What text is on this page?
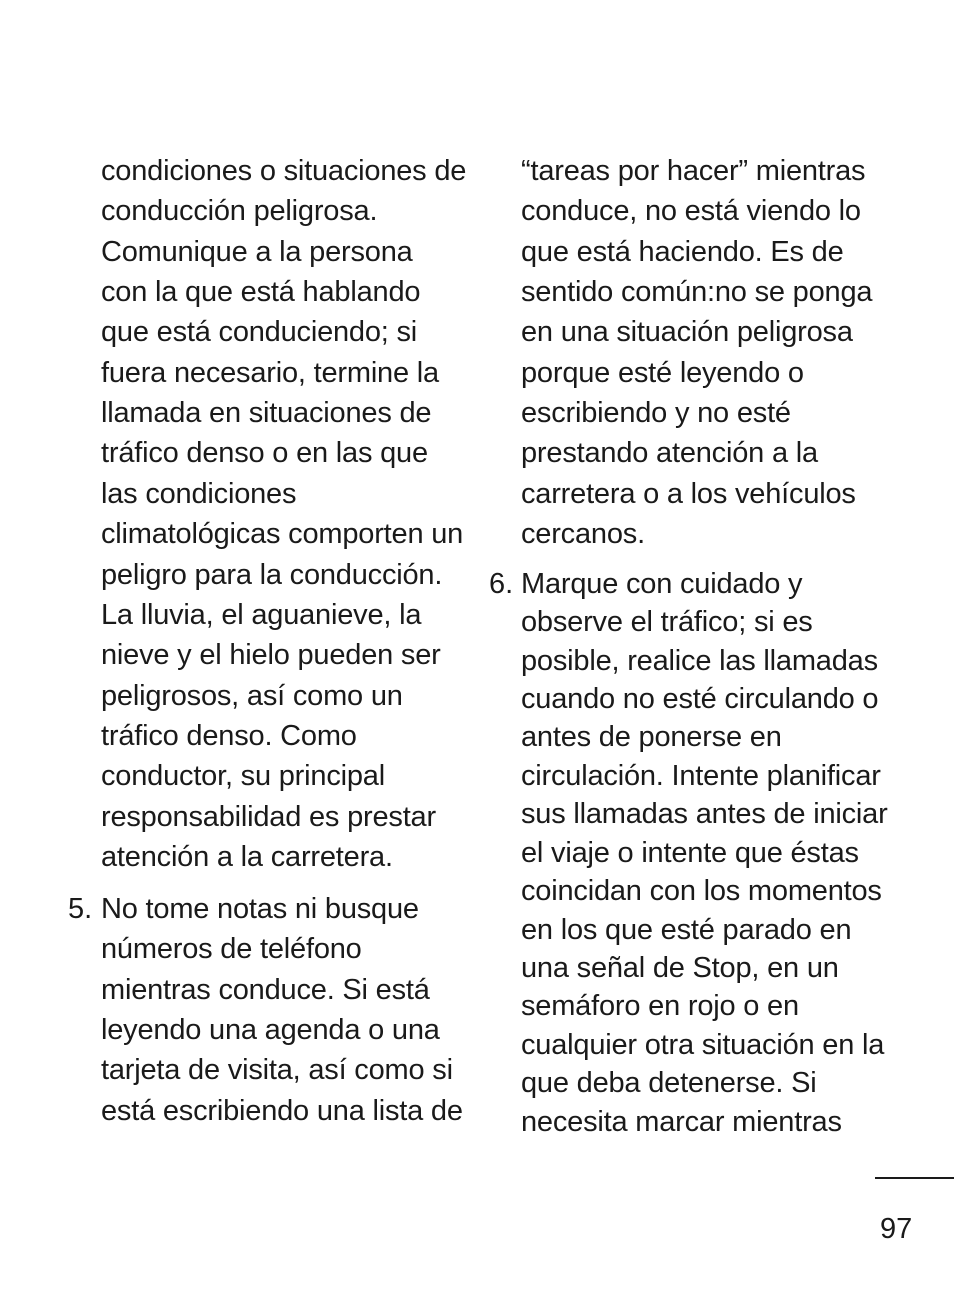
condiciones o situaciones de
conducción peligrosa.
Comunique a la persona
con la que está hablando
que está conduciendo; si
fuera necesario, termine la
llamada en situaciones de
tráfico denso o en las que
las condiciones
climatológicas comporten un
peligro para la conducción.
La lluvia, el aguanieve, la
nieve y el hielo pueden ser
peligrosos, así como un
tráfico denso. Como
conductor, su principal
responsabilidad es prestar
atención a la carretera.
5. No tome notas ni busque
números de teléfono
mientras conduce. Si está
leyendo una agenda o una
tarjeta de visita, así como si
está escribiendo una lista de
“tareas por hacer” mientras
conduce, no está viendo lo
que está haciendo. Es de
sentido común:no se ponga
en una situación peligrosa
porque esté leyendo o
escribiendo y no esté
prestando atención a la
carretera o a los vehículos
cercanos.
6. Marque con cuidado y
observe el tráfico; si es
posible, realice las llamadas
cuando no esté circulando o
antes de ponerse en
circulación. Intente planificar
sus llamadas antes de iniciar
el viaje o intente que éstas
coincidan con los momentos
en los que esté parado en
una señal de Stop, en un
semáforo en rojo o en
cualquier otra situación en la
que deba detenerse. Si
necesita marcar mientras
97
